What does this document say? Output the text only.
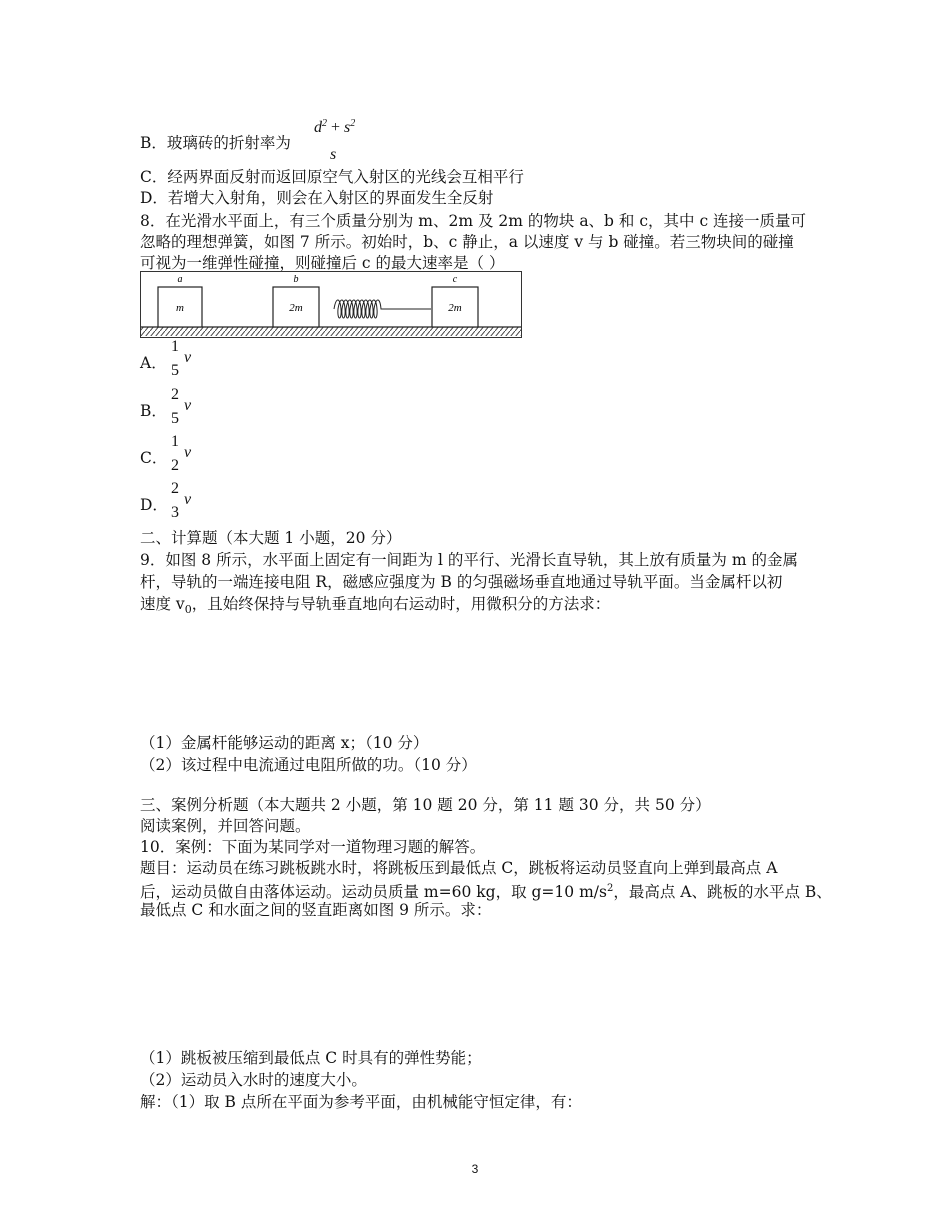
$d^2 + s^2$
B．玻璃砖的折射率为
s
C．经两界面反射而返回原空气入射区的光线会互相平行
D．若增大入射角，则会在入射区的界面发生全反射
8．在光滑水平面上，有三个质量分别为 m、2m 及 2m 的物块 a、b 和 c，其中 c 连接一质量可
忽略的理想弹簧，如图 7 所示。初始时，b、c 静止，a 以速度 v 与 b 碰撞。若三物块间的碰撞
可视为一维弹性碰撞，则碰撞后 c 的最大速率是（ ）
a
m
b
2m
c
2m
1
A． v
5
2
B． v
5
1
C． v
2
2
D． v
3
二、计算题（本大题 1 小题，20 分）
9．如图 8 所示，水平面上固定有一间距为 l 的平行、光滑长直导轨，其上放有质量为 m 的金属
杆，导轨的一端连接电阻 R，磁感应强度为 B 的匀强磁场垂直地通过导轨平面。当金属杆以初
速度 $v_0$，且始终保持与导轨垂直地向右运动时，用微积分的方法求：
（1）金属杆能够运动的距离 x；（10 分）
（2）该过程中电流通过电阻所做的功。（10 分）
三、案例分析题（本大题共 2 小题，第 10 题 20 分，第 11 题 30 分，共 50 分）
阅读案例，并回答问题。
10．案例：下面为某同学对一道物理习题的解答。
题目：运动员在练习跳板跳水时，将跳板压到最低点 C，跳板将运动员竖直向上弹到最高点 A
后，运动员做自由落体运动。运动员质量 m=60 kg，取 g=10 $m/s^2$，最高点 A、跳板的水平点 B、
最低点 C 和水面之间的竖直距离如图 9 所示。求：
（1）跳板被压缩到最低点 C 时具有的弹性势能；
（2）运动员入水时的速度大小。
解：（1）取 B 点所在平面为参考平面，由机械能守恒定律，有：
3
